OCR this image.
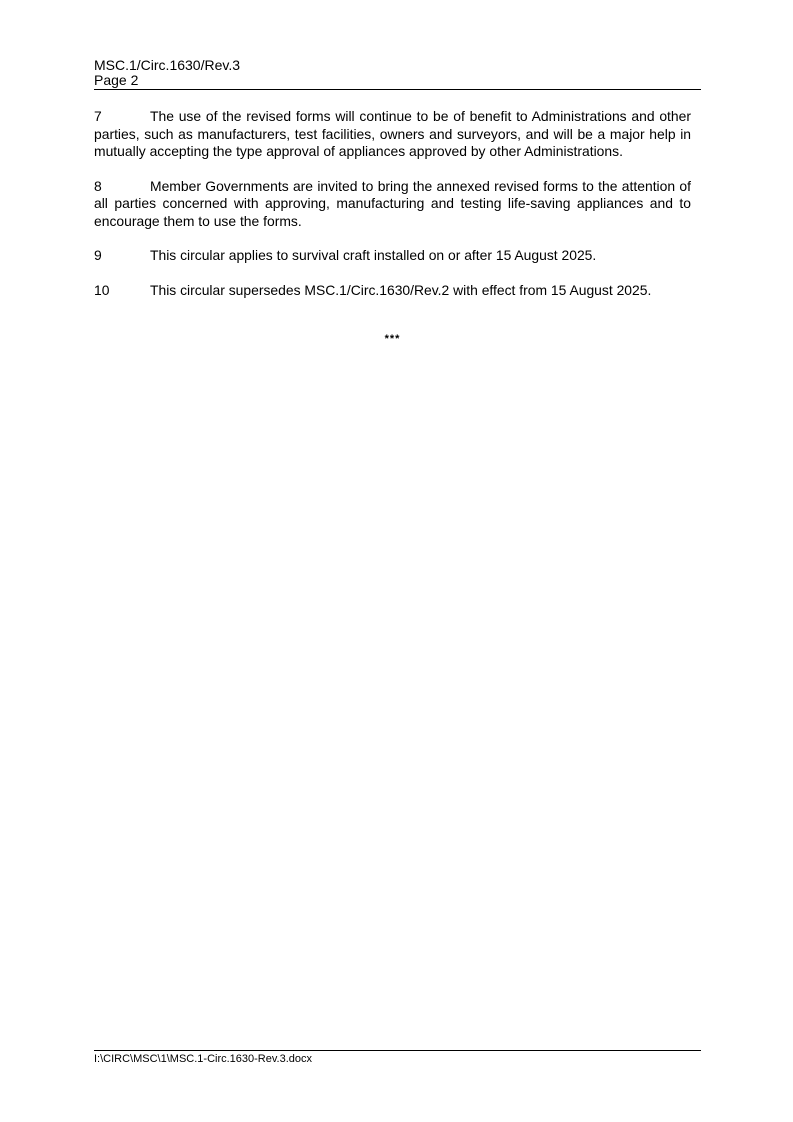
MSC.1/Circ.1630/Rev.3
Page 2

7	The use of the revised forms will continue to be of benefit to Administrations and other parties, such as manufacturers, test facilities, owners and surveyors, and will be a major help in mutually accepting the type approval of appliances approved by other Administrations.

8	Member Governments are invited to bring the annexed revised forms to the attention of all parties concerned with approving, manufacturing and testing life-saving appliances and to encourage them to use the forms.

9	This circular applies to survival craft installed on or after 15 August 2025.

10	This circular supersedes MSC.1/Circ.1630/Rev.2 with effect from 15 August 2025.

***
I:\CIRC\MSC\1\MSC.1-Circ.1630-Rev.3.docx
